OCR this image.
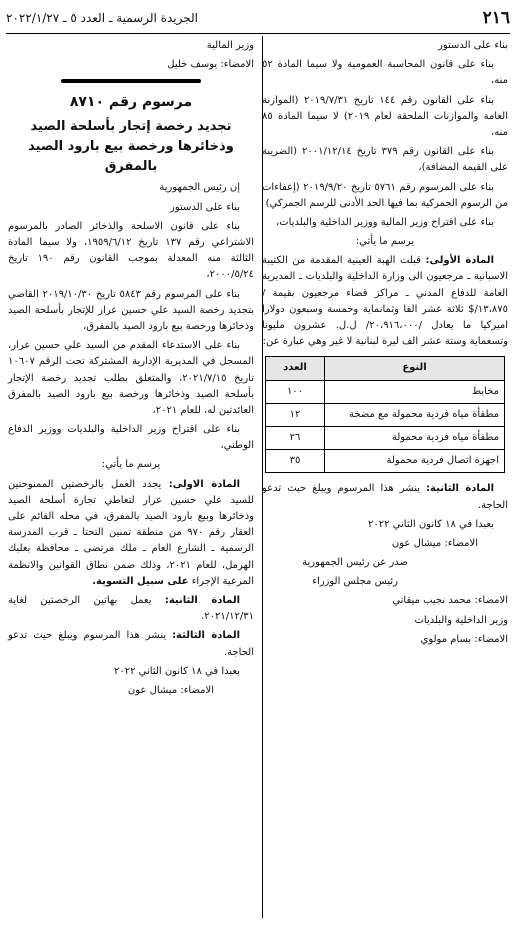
٢١٦
الجريدة الرسمية ـ العدد ٥ ـ ٢٠٢٢/١/٢٧

بناء على الدستور

بناء على قانون المحاسبة العمومية ولا سيما المادة ٥٢ منه،

بناء على القانون رقم ١٤٤ تاريخ ٢٠١٩/٧/٣١ (الموازنة العامة والموازنات الملحقة لعام ٢٠١٩) لا سيما المادة ٨٥ منه،

بناء على القانون رقم ٣٧٩ تاريخ ٢٠٠١/١٢/١٤ (الضريبة على القيمة المضافة)،

بناء على المرسوم رقم ٥٧٦١ تاريخ ٢٠١٩/٩/٢٠ (إعفاءات من الرسوم الجمركية بما فيها الحد الأدنى للرسم الجمركي)

بناء على اقتراح وزير المالية ووزير الداخلية والبلديات،

يرسم ما يأتي:

المادة الأولى: قبلت الهبة العينية المقدمة من الكتيبة الاسبانية ـ مرجعيون الى وزارة الداخلية والبلديات ـ المديرية العامة للدفاع المدني ـ مراكز قضاء مرجعيون بقيمة /١٣،٨٧٥/$ ثلاثة عشر الفا وثمانماية وخمسة وسبعون دولارا اميركيا ما يعادل /٢٠،٩١٦،٠٠٠/ ل.ل. عشرون مليونا وتسعماية وستة عشر الف ليرة لبنانية لا غير وهي عبارة عن:

النوع	العدد
مخابط	١٠٠
مطفأة مياه فردية محمولة مع مضخة	١٢
مطفأة مياه فردية محمولة	٢٦
اجهزة اتصال فردية محمولة	٣٥

المادة الثانية: ينشر هذا المرسوم ويبلغ حيث تدعو الحاجة.

بعبدا في ١٨ كانون الثاني ٢٠٢٢

الامضاء: ميشال عون

صدر عن رئيس الجمهورية

رئيس مجلس الوزراء

الامضاء: محمد نجيب ميقاتي

وزير الداخلية والبلديات

الامضاء: بسام مولوي

وزير المالية

الامضاء: يوسف خليل

مرسوم رقم ٨٧١٠

تجديد رخصة إتجار بأسلحة الصيد وذخائرها ورخصة بيع بارود الصيد بالمفرق

إن رئيس الجمهورية

بناء على الدستور

بناء على قانون الاسلحة والذخائر الصادر بالمرسوم الاشتراعي رقم ١٣٧ تاريخ ١٩٥٩/٦/١٢، ولا سيما المادة الثالثة منه المعدلة بموجب القانون رقم ١٩٠ تاريخ ٢٠٠٠/٥/٢٤،

بناء على المرسوم رقم ٥٨٤٣ تاريخ ٢٠١٩/١٠/٣٠ القاضي بتجديد رخصة السيد علي حسين عرار للإتجار بأسلحة الصيد وذخائرها ورخصة بيع بارود الصيد بالمفرق،

بناء على الاستدعاء المقدم من السيد علي حسين عرار، المسجل في المديرية الإدارية المشتركة تحت الرقم ١٠٦٠٧ تاريخ ٢٠٢١/٧/١٥، والمتعلق بطلب تجديد رخصة الإتجار بأسلحة الصيد وذخائرها ورخصة بيع بارود الصيد بالمفرق العائدتين له، للعام ٢٠٢١،

بناء على اقتراح وزير الداخلية والبلديات ووزير الدفاع الوطني،

يرسم ما يأتي:

المادة الاولى: يجدد العمل بالرخصتين الممنوحتين للسيد علي حسين عرار لتعاطي تجارة أسلحة الصيد وذخائرها وبيع بارود الصيد بالمفرق، في محله القائم على العقار رقم ٩٧٠ من منطقة تمنين التحتا ـ قرب المدرسة الرسمية ـ الشارع العام ـ ملك مرتضى ـ محافظة بعلبك الهرمل، للعام ٢٠٢١، وذلك ضمن نطاق القوانين والانظمة المرعية الإجراء على سبيل التسوية.

المادة الثانية: يعمل بهاتين الرخصتين لغاية ٢٠٢١/١٢/٣١.

المادة الثالثة: ينشر هذا المرسوم ويبلغ حيث تدعو الحاجة.

بعبدا في ١٨ كانون الثاني ٢٠٢٢

الامضاء: ميشال عون
